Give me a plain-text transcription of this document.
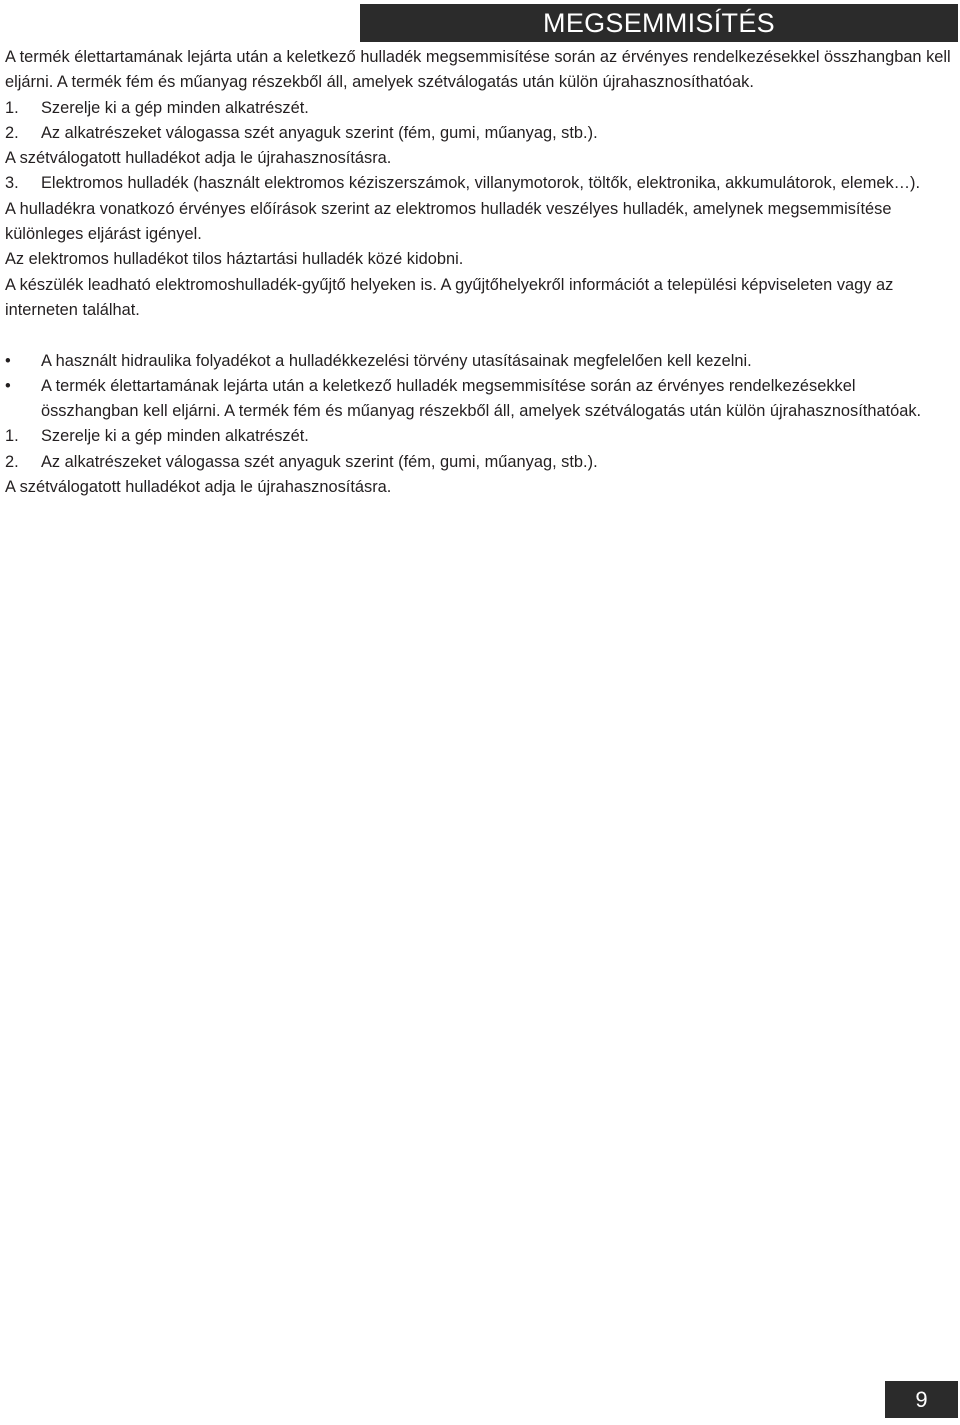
MEGSEMMISÍTÉS

A termék élettartamának lejárta után a keletkező hulladék megsemmisítése során az érvényes rendelkezésekkel összhangban kell eljárni. A termék fém és műanyag részekből áll, amelyek szétválogatás után külön újrahasznosíthatóak.

1.	Szerelje ki a gép minden alkatrészét.
2.	Az alkatrészeket válogassa szét anyaguk szerint (fém, gumi, műanyag, stb.).

A szétválogatott hulladékot adja le újrahasznosításra.

3.	Elektromos hulladék (használt elektromos kéziszerszámok, villanymotorok, töltők, elektronika, akkumulátorok, elemek…).

A hulladékra vonatkozó érvényes előírások szerint az elektromos hulladék veszélyes hulladék, amelynek megsemmisítése különleges eljárást igényel.

Az elektromos hulladékot tilos háztartási hulladék közé kidobni.

A készülék leadható elektromoshulladék-gyűjtő helyeken is. A gyűjtőhelyekről információt a települési képviseleten vagy az interneten találhat.

•	A használt hidraulika folyadékot a hulladékkezelési törvény utasításainak megfelelően kell kezelni.
•	A termék élettartamának lejárta után a keletkező hulladék megsemmisítése során az érvényes rendelkezésekkel összhangban kell eljárni. A termék fém és műanyag részekből áll, amelyek szétválogatás után külön újrahasznosíthatóak.
1.	Szerelje ki a gép minden alkatrészét.
2.	Az alkatrészeket válogassa szét anyaguk szerint (fém, gumi, műanyag, stb.).

A szétválogatott hulladékot adja le újrahasznosításra.

9
